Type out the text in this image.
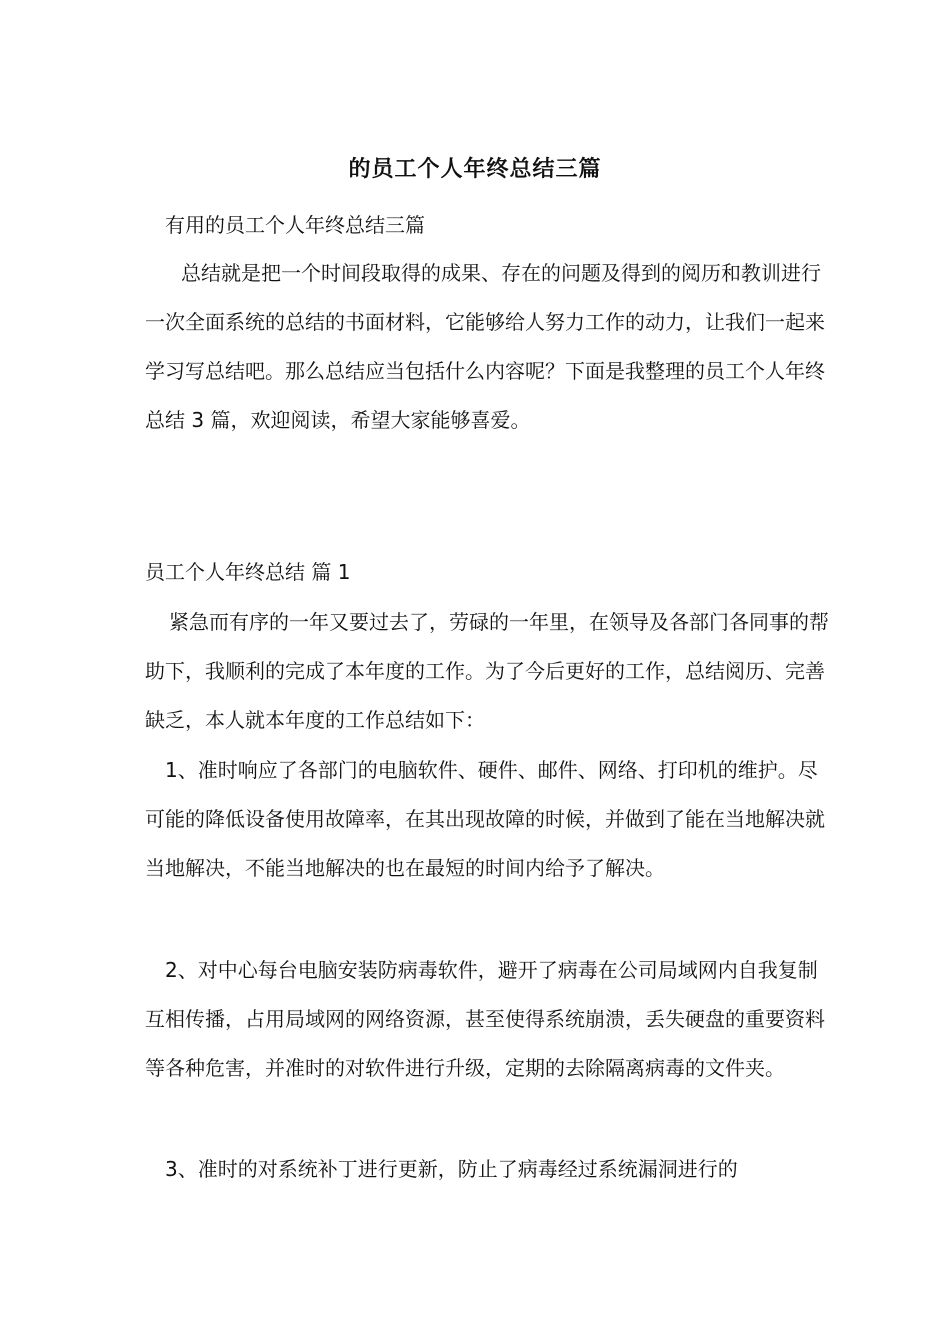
的员工个人年终总结三篇

有用的员工个人年终总结三篇

总结就是把一个时间段取得的成果、存在的问题及得到的阅历和教训进行一次全面系统的总结的书面材料，它能够给人努力工作的动力，让我们一起来学习写总结吧。那么总结应当包括什么内容呢？下面是我整理的员工个人年终总结 3 篇，欢迎阅读，希望大家能够喜爱。

员工个人年终总结 篇 1

紧急而有序的一年又要过去了，劳碌的一年里，在领导及各部门各同事的帮助下，我顺利的完成了本年度的工作。为了今后更好的工作，总结阅历、完善缺乏，本人就本年度的工作总结如下：

1、准时响应了各部门的电脑软件、硬件、邮件、网络、打印机的维护。尽可能的降低设备使用故障率，在其出现故障的时候，并做到了能在当地解决就当地解决，不能当地解决的也在最短的时间内给予了解决。

2、对中心每台电脑安装防病毒软件，避开了病毒在公司局域网内自我复制互相传播，占用局域网的网络资源，甚至使得系统崩溃，丢失硬盘的重要资料等各种危害，并准时的对软件进行升级，定期的去除隔离病毒的文件夹。

3、准时的对系统补丁进行更新，防止了病毒经过系统漏洞进行的
